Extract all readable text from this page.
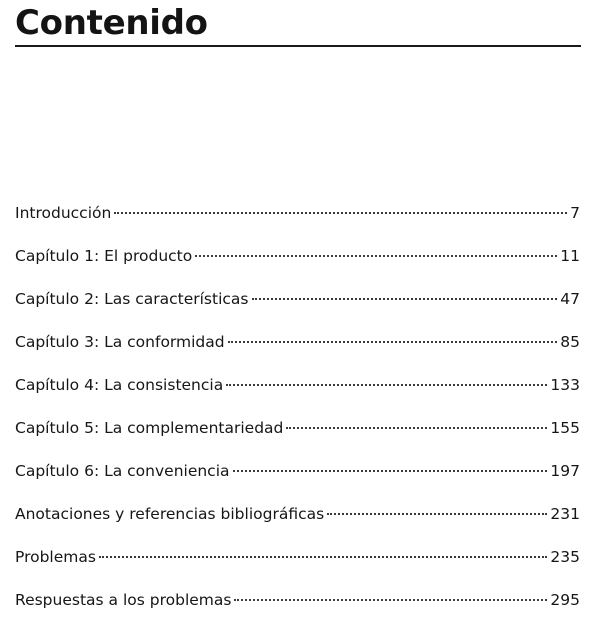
Contenido
Introducción	7
Capítulo 1: El producto	11
Capítulo 2: Las características	47
Capítulo 3: La conformidad	85
Capítulo 4: La consistencia	133
Capítulo 5: La complementariedad	155
Capítulo 6: La conveniencia	197
Anotaciones y referencias bibliográficas	231
Problemas	235
Respuestas a los problemas	295
